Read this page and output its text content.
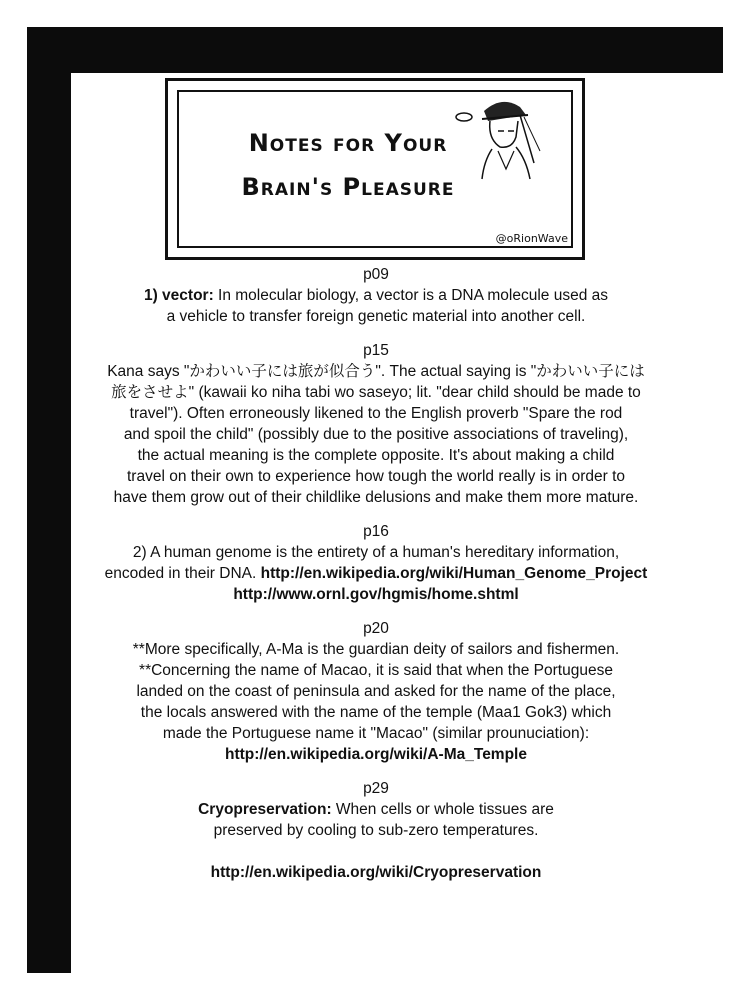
Notes for Your
Brain's Pleasure
@oRionWave
p09
1) vector: In molecular biology, a vector is a DNA molecule used as
a vehicle to transfer foreign genetic material into another cell.
p15
Kana says "かわいい子には旅が似合う". The actual saying is "かわいい子には
旅をさせよ" (kawaii ko niha tabi wo saseyo; lit. "dear child should be made to
travel"). Often erroneously likened to the English proverb "Spare the rod
and spoil the child" (possibly due to the positive associations of traveling),
the actual meaning is the complete opposite. It's about making a child
travel on their own to experience how tough the world really is in order to
have them grow out of their childlike delusions and make them more mature.
p16
2) A human genome is the entirety of a human's hereditary information,
encoded in their DNA. http://en.wikipedia.org/wiki/Human_Genome_Project
http://www.ornl.gov/hgmis/home.shtml
p20
**More specifically, A-Ma is the guardian deity of sailors and fishermen.
**Concerning the name of Macao, it is said that when the Portuguese
landed on the coast of peninsula and asked for the name of the place,
the locals answered with the name of the temple (Maa1 Gok3) which
made the Portuguese name it "Macao" (similar prounuciation):
http://en.wikipedia.org/wiki/A-Ma_Temple
p29
Cryopreservation: When cells or whole tissues are
preserved by cooling to sub-zero temperatures.

http://en.wikipedia.org/wiki/Cryopreservation
